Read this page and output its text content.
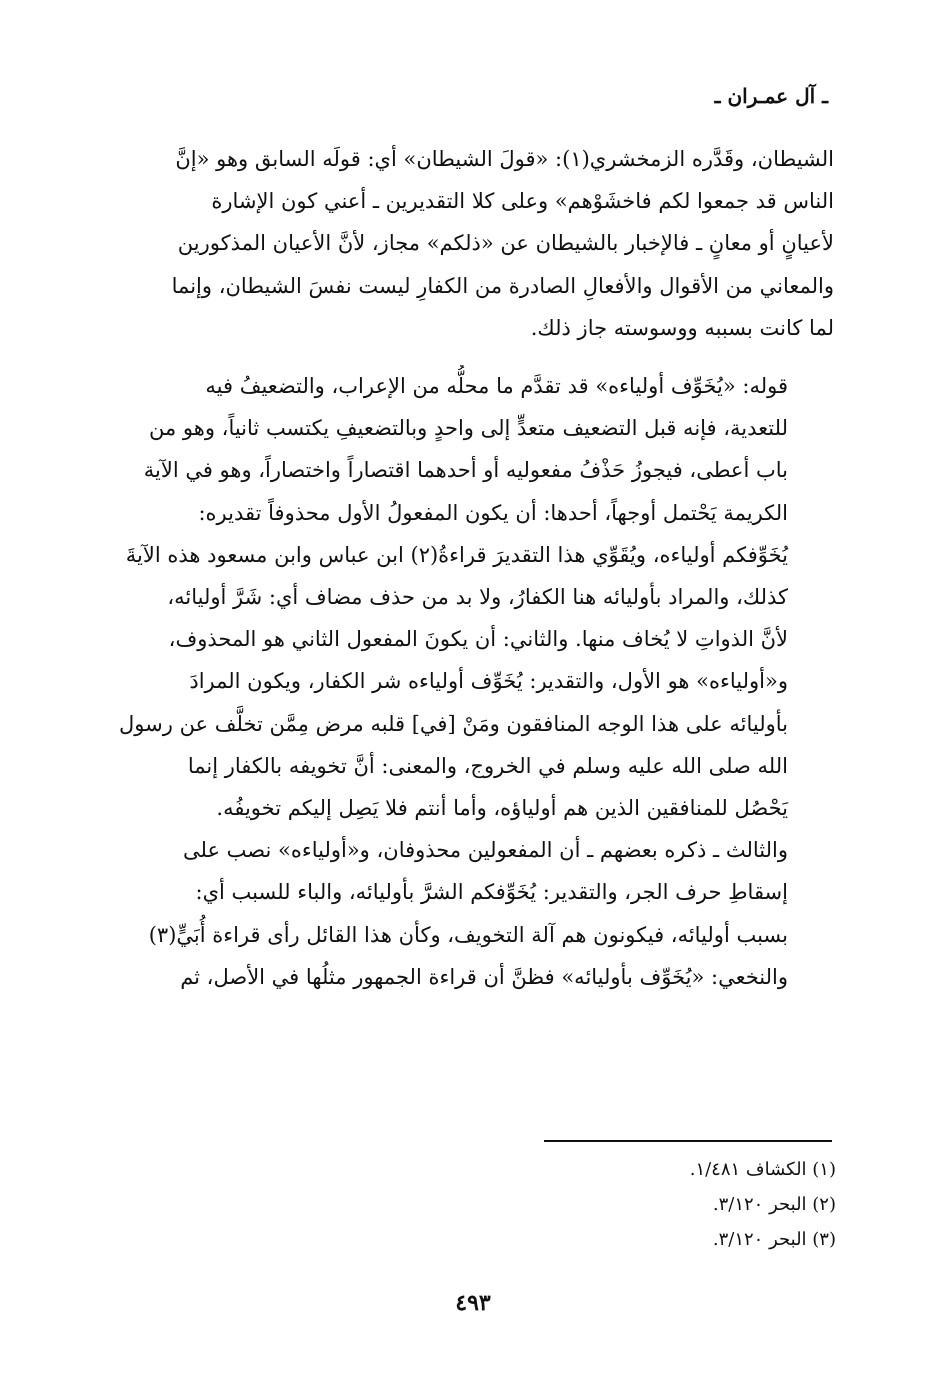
ـ آل عمـران ـ

الشيطان، وقَدَّره الزمخشري(١): «قولَ الشيطان» أي: قولَه السابق وهو «إنَّ
الناس قد جمعوا لكم فاخشَوْهم» وعلى كلا التقديرين ـ أعني كون الإشارة
لأعيانٍ أو معانٍ ـ فالإخبار بالشيطان عن «ذلكم» مجاز، لأنَّ الأعيان المذكورين
والمعاني من الأقوال والأفعالِ الصادرة من الكفارِ ليست نفسَ الشيطان، وإنما
لما كانت بسببه ووسوسته جاز ذلك.

قوله: «يُخَوِّف أولياءه» قد تقدَّم ما محلُّه من الإعراب، والتضعيفُ فيه
للتعدية، فإنه قبل التضعيف متعدٍّ إلى واحدٍ وبالتضعيفِ يكتسب ثانياً، وهو من
باب أعطى، فيجوزُ حَذْفُ مفعوليه أو أحدهما اقتصاراً واختصاراً، وهو في الآية
الكريمة يَحْتمل أوجهاً، أحدها: أن يكون المفعولُ الأول محذوفاً تقديره:
يُخَوِّفكم أولياءه، ويُقَوِّي هذا التقديرَ قراءةُ(٢) ابن عباس وابن مسعود هذه الآيةَ
كذلك، والمراد بأوليائه هنا الكفارُ، ولا بد من حذف مضاف أي: شَرَّ أوليائه،
لأنَّ الذواتِ لا يُخاف منها. والثاني: أن يكونَ المفعول الثاني هو المحذوف،
و«أولياءه» هو الأول، والتقدير: يُخَوِّف أولياءه شر الكفار، ويكون المرادَ
بأوليائه على هذا الوجه المنافقون ومَنْ [في] قلبه مرض مِمَّن تخلَّف عن رسول
الله صلى الله عليه وسلم في الخروج، والمعنى: أنَّ تخويفه بالكفار إنما
يَحْصُل للمنافقين الذين هم أولياؤه، وأما أنتم فلا يَصِل إليكم تخويفُه.
والثالث ـ ذكره بعضهم ـ أن المفعولين محذوفان، و«أولياءه» نصب على
إسقاطِ حرف الجر، والتقدير: يُخَوِّفكم الشرَّ بأوليائه، والباء للسبب أي:
بسبب أوليائه، فيكونون هم آلة التخويف، وكأن هذا القائل رأى قراءة أُبَيٍّ(٣)
والنخعي: «يُخَوِّف بأوليائه» فظنَّ أن قراءة الجمهور مثلُها في الأصل، ثم

(١) الكشاف ١/٤٨١.
(٢) البحر ٣/١٢٠.
(٣) البحر ٣/١٢٠.
٤٩٣
